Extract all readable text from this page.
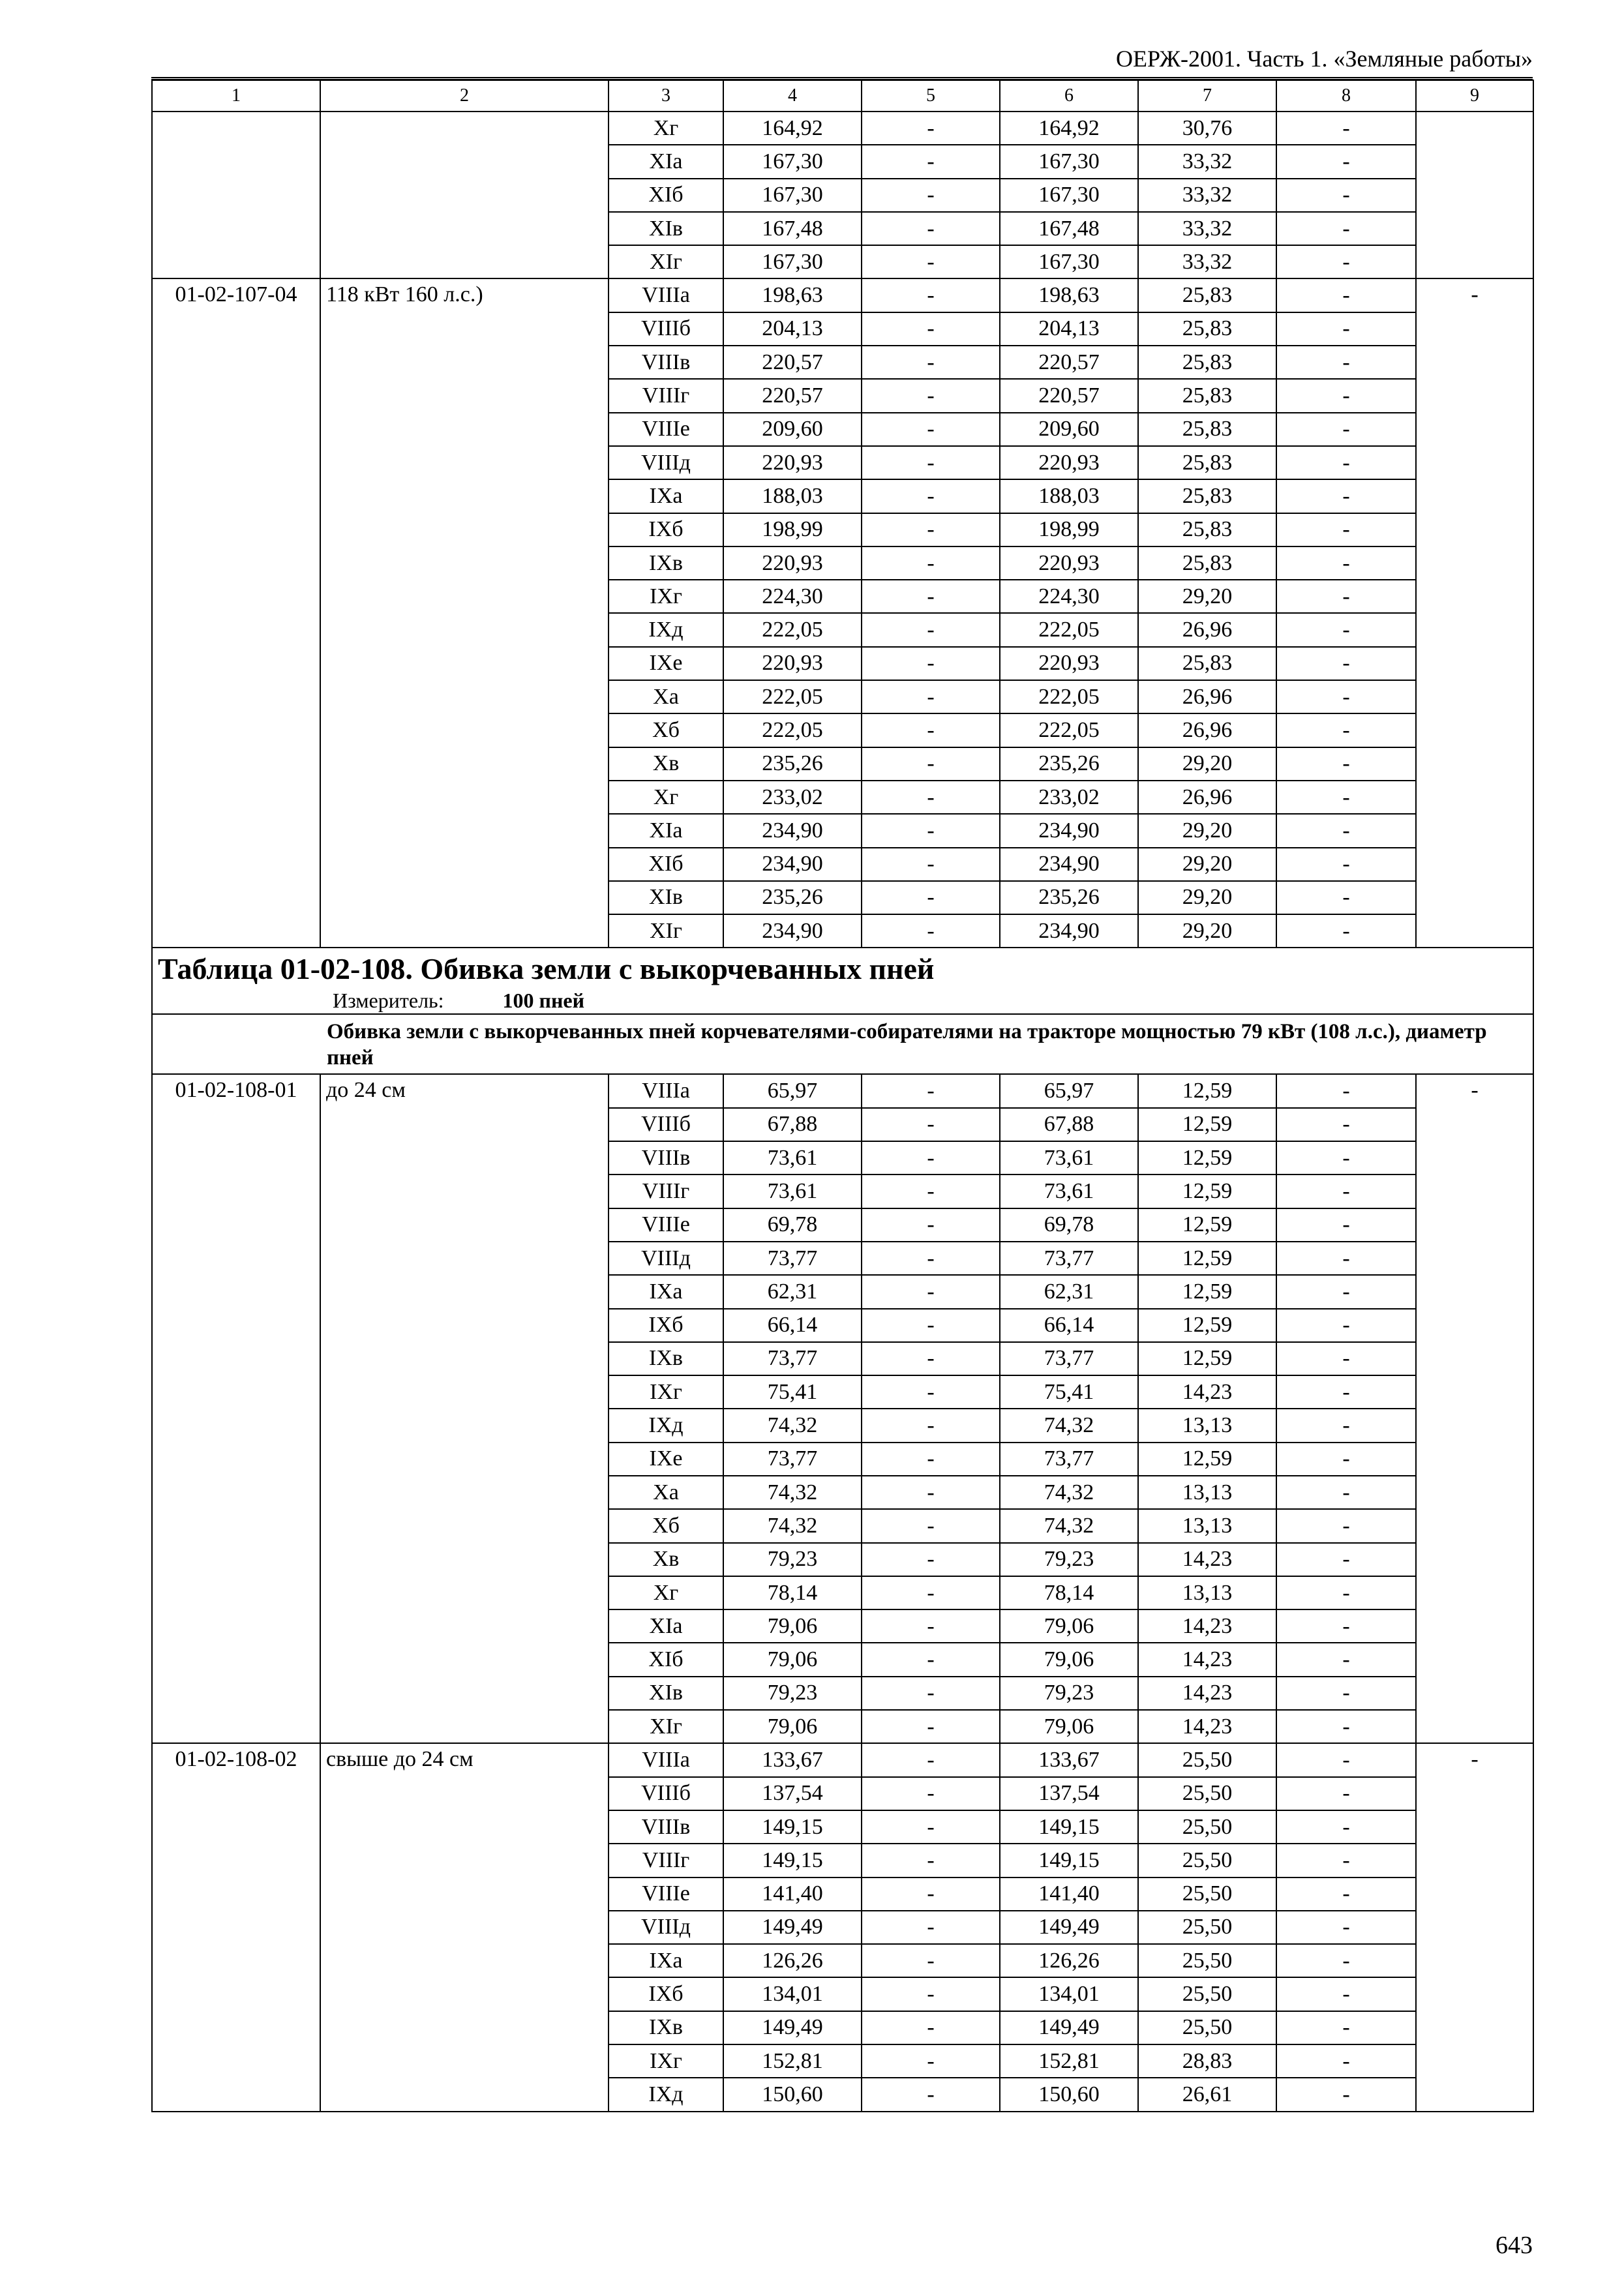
ОЕРЖ-2001. Часть 1. «Земляные работы»
1	2	3	4	5	6	7	8	9
		Xг	164,92	-	164,92	30,76	-	
		XIа	167,30	-	167,30	33,32	-	
		XIб	167,30	-	167,30	33,32	-	
		XIв	167,48	-	167,48	33,32	-	
		XIг	167,30	-	167,30	33,32	-	
01-02-107-04	118 кВт 160 л.с.)	VIIIа	198,63	-	198,63	25,83	-	-
		VIIIб	204,13	-	204,13	25,83	-	
		VIIIв	220,57	-	220,57	25,83	-	
		VIIIг	220,57	-	220,57	25,83	-	
		VIIIе	209,60	-	209,60	25,83	-	
		VIIIд	220,93	-	220,93	25,83	-	
		IXа	188,03	-	188,03	25,83	-	
		IXб	198,99	-	198,99	25,83	-	
		IXв	220,93	-	220,93	25,83	-	
		IXг	224,30	-	224,30	29,20	-	
		IXд	222,05	-	222,05	26,96	-	
		IXе	220,93	-	220,93	25,83	-	
		Xа	222,05	-	222,05	26,96	-	
		Xб	222,05	-	222,05	26,96	-	
		Xв	235,26	-	235,26	29,20	-	
		Xг	233,02	-	233,02	26,96	-	
		XIа	234,90	-	234,90	29,20	-	
		XIб	234,90	-	234,90	29,20	-	
		XIв	235,26	-	235,26	29,20	-	
		XIг	234,90	-	234,90	29,20	-	

Таблица 01-02-108. Обивка земли с выкорчеванных пней
Измеритель: 100 пней								

	Обивка земли с выкорчеванных пней корчевателями-собирателями на тракторе мощностью 79 кВт (108 л.с.), диаметр пней							
01-02-108-01	до 24 см	VIIIа	65,97	-	65,97	12,59	-	-
		VIIIб	67,88	-	67,88	12,59	-	
		VIIIв	73,61	-	73,61	12,59	-	
		VIIIг	73,61	-	73,61	12,59	-	
		VIIIе	69,78	-	69,78	12,59	-	
		VIIIд	73,77	-	73,77	12,59	-	
		IXа	62,31	-	62,31	12,59	-	
		IXб	66,14	-	66,14	12,59	-	
		IXв	73,77	-	73,77	12,59	-	
		IXг	75,41	-	75,41	14,23	-	
		IXд	74,32	-	74,32	13,13	-	
		IXе	73,77	-	73,77	12,59	-	
		Xа	74,32	-	74,32	13,13	-	
		Xб	74,32	-	74,32	13,13	-	
		Xв	79,23	-	79,23	14,23	-	
		Xг	78,14	-	78,14	13,13	-	
		XIа	79,06	-	79,06	14,23	-	
		XIб	79,06	-	79,06	14,23	-	
		XIв	79,23	-	79,23	14,23	-	
		XIг	79,06	-	79,06	14,23	-	
01-02-108-02	свыше до 24 см	VIIIа	133,67	-	133,67	25,50	-	-
		VIIIб	137,54	-	137,54	25,50	-	
		VIIIв	149,15	-	149,15	25,50	-	
		VIIIг	149,15	-	149,15	25,50	-	
		VIIIе	141,40	-	141,40	25,50	-	
		VIIIд	149,49	-	149,49	25,50	-	
		IXа	126,26	-	126,26	25,50	-	
		IXб	134,01	-	134,01	25,50	-	
		IXв	149,49	-	149,49	25,50	-	
		IXг	152,81	-	152,81	28,83	-	
		IXд	150,60	-	150,60	26,61	-	
643
